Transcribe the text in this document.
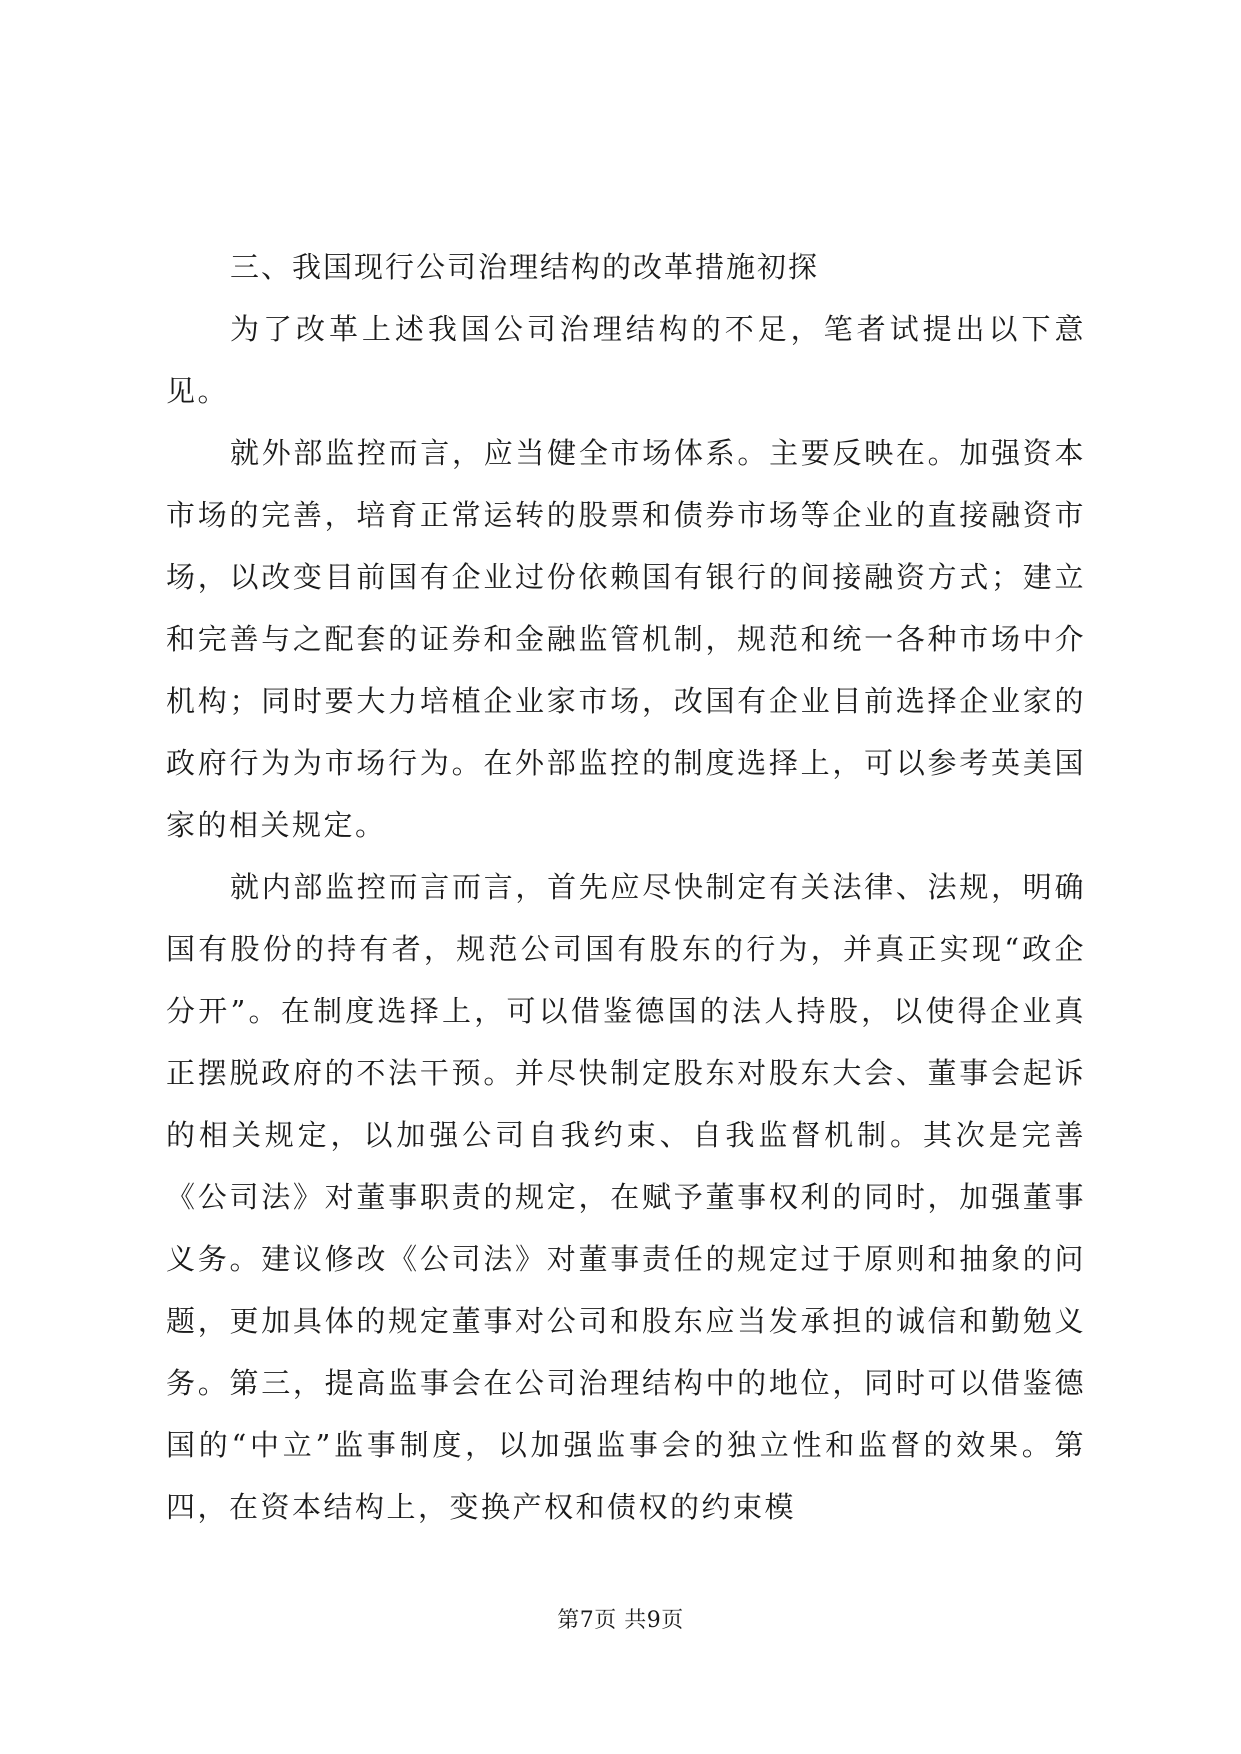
三、我国现行公司治理结构的改革措施初探

为了改革上述我国公司治理结构的不足，笔者试提出以下意见。

就外部监控而言，应当健全市场体系。主要反映在。加强资本市场的完善，培育正常运转的股票和债券市场等企业的直接融资市场，以改变目前国有企业过份依赖国有银行的间接融资方式；建立和完善与之配套的证券和金融监管机制，规范和统一各种市场中介机构；同时要大力培植企业家市场，改国有企业目前选择企业家的政府行为为市场行为。在外部监控的制度选择上，可以参考英美国家的相关规定。

就内部监控而言而言，首先应尽快制定有关法律、法规，明确国有股份的持有者，规范公司国有股东的行为，并真正实现“政企分开”。在制度选择上，可以借鉴德国的法人持股，以使得企业真正摆脱政府的不法干预。并尽快制定股东对股东大会、董事会起诉的相关规定，以加强公司自我约束、自我监督机制。其次是完善《公司法》对董事职责的规定，在赋予董事权利的同时，加强董事义务。建议修改《公司法》对董事责任的规定过于原则和抽象的问题，更加具体的规定董事对公司和股东应当发承担的诚信和勤勉义务。第三，提高监事会在公司治理结构中的地位，同时可以借鉴德国的“中立”监事制度，以加强监事会的独立性和监督的效果。第四，在资本结构上，变换产权和债权的约束模

第7页 共9页
